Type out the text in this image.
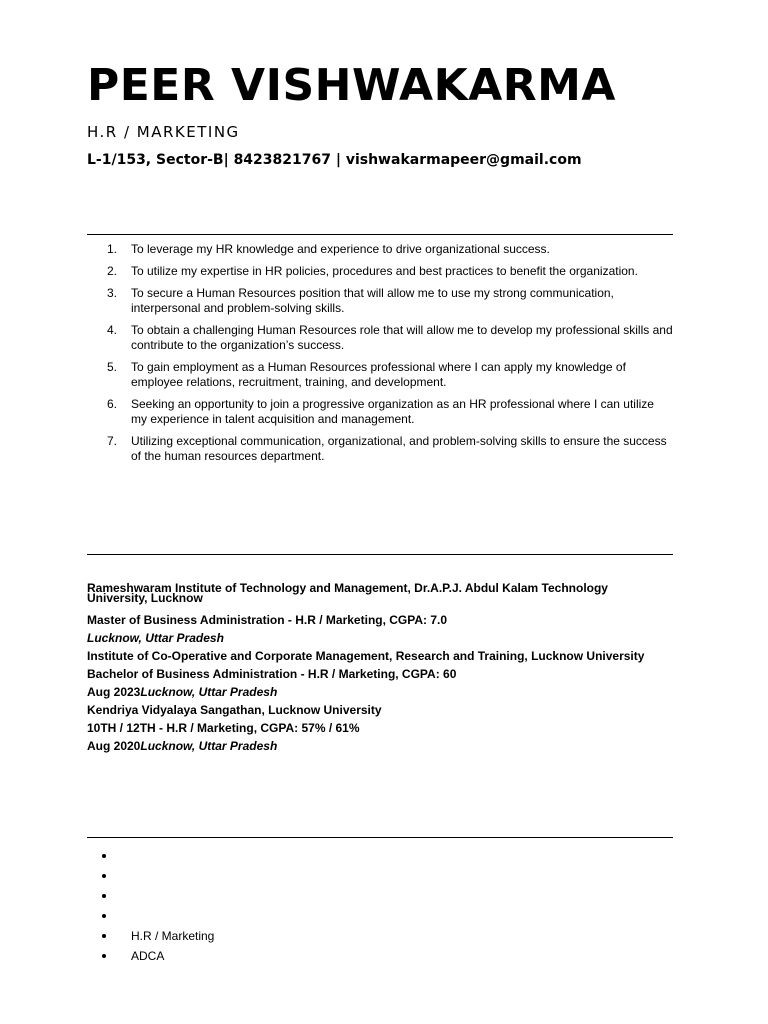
PEER VISHWAKARMA
H.R / MARKETING
L-1/153, Sector-B| 8423821767 | vishwakarmapeer@gmail.com
1. To leverage my HR knowledge and experience to drive organizational success.
2. To utilize my expertise in HR policies, procedures and best practices to benefit the organization.
3. To secure a Human Resources position that will allow me to use my strong communication, interpersonal and problem-solving skills.
4. To obtain a challenging Human Resources role that will allow me to develop my professional skills and contribute to the organization’s success.
5. To gain employment as a Human Resources professional where I can apply my knowledge of employee relations, recruitment, training, and development.
6. Seeking an opportunity to join a progressive organization as an HR professional where I can utilize my experience in talent acquisition and management.
7. Utilizing exceptional communication, organizational, and problem-solving skills to ensure the success of the human resources department.
Rameshwaram Institute of Technology and Management, Dr.A.P.J. Abdul Kalam Technology University, Lucknow
Master of Business Administration - H.R / Marketing, CGPA: 7.0
Lucknow, Uttar Pradesh
Institute of Co-Operative and Corporate Management, Research and Training, Lucknow University
Bachelor of Business Administration - H.R / Marketing, CGPA: 60
Aug 2023Lucknow, Uttar Pradesh
Kendriya Vidyalaya Sangathan, Lucknow University
10TH / 12TH - H.R / Marketing, CGPA: 57% / 61%
Aug 2020Lucknow, Uttar Pradesh
H.R / Marketing
ADCA
